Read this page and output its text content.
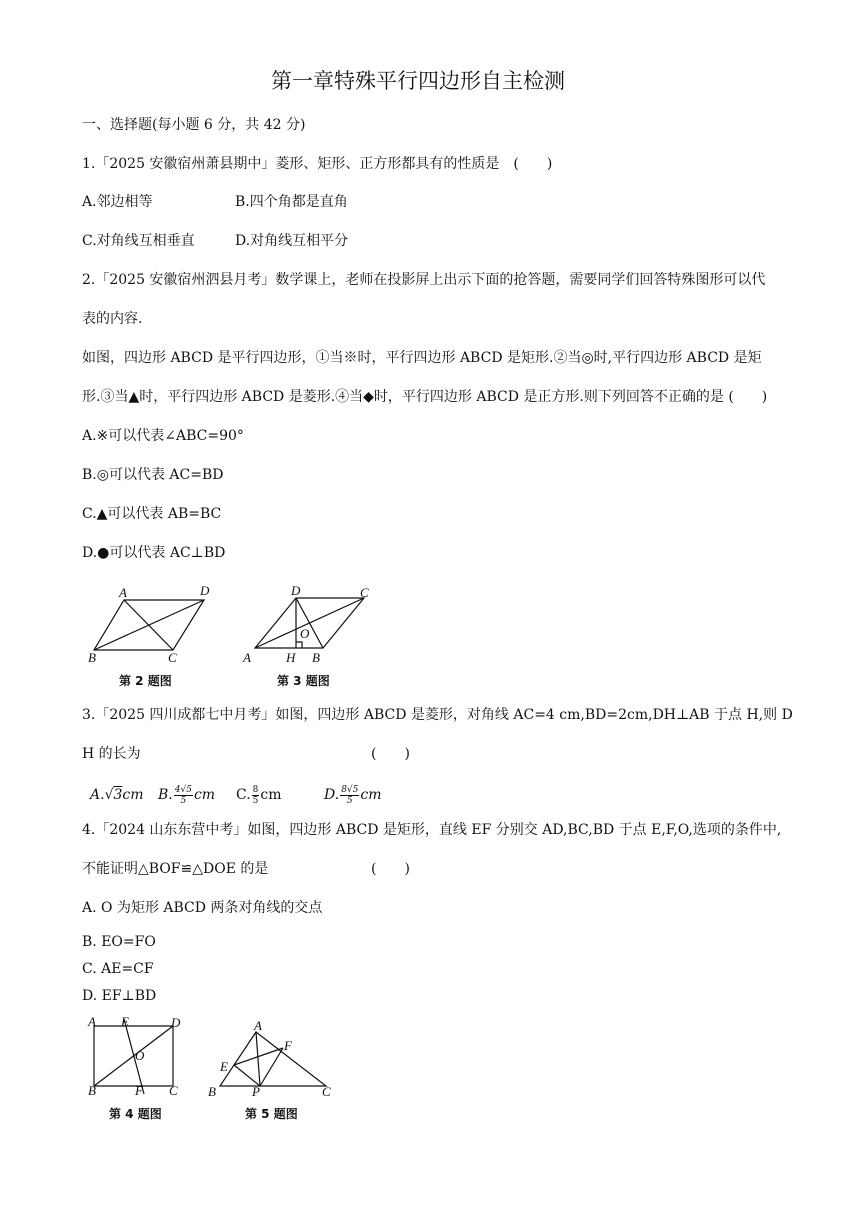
第一章特殊平行四边形自主检测
一、选择题(每小题 6 分，共 42 分)
1.「2025 安徽宿州萧县期中」菱形、矩形、正方形都具有的性质是　(　　)
A.邻边相等	B.四个角都是直角
C.对角线互相垂直	D.对角线互相平分
2.「2025 安徽宿州泗县月考」数学课上，老师在投影屏上出示下面的抢答题，需要同学们回答特殊图形可以代
表的内容.
如图，四边形 ABCD 是平行四边形，①当※时，平行四边形 ABCD 是矩形.②当◎时,平行四边形 ABCD 是矩
形.③当▲时，平行四边形 ABCD 是菱形.④当◆时，平行四边形 ABCD 是正方形.则下列回答不正确的是 (　　)
A.※可以代表∠ABC=90°
B.◎可以代表 AC=BD
C.▲可以代表 AB=BC
D.●可以代表 AC⊥BD
A	D
B	C
第 2 题图
D	C
O
A	H B
第 3 题图
3.「2025 四川成都七中月考」如图，四边形 ABCD 是菱形，对角线 AC=4 cm,BD=2cm,DH⊥AB 于点 H,则 D
H 的长为	(　　)
A.√3cm B. $\frac{4√5}{5}$ cm C. $\frac{8}{5}$ cm	D. $\frac{8√5}{5}$ cm
4.「2024 山东东营中考」如图，四边形 ABCD 是矩形，直线 EF 分别交 AD,BC,BD 于点 E,F,O,选项的条件中,
不能证明△BOF≌△DOE 的是	(　　)
A. O 为矩形 ABCD 两条对角线的交点
B. EO=FO
C. AE=CF
D. EF⊥BD
A E	D
O
B	F C
第 4 题图
A
F
E
B	P	C
第 5 题图
